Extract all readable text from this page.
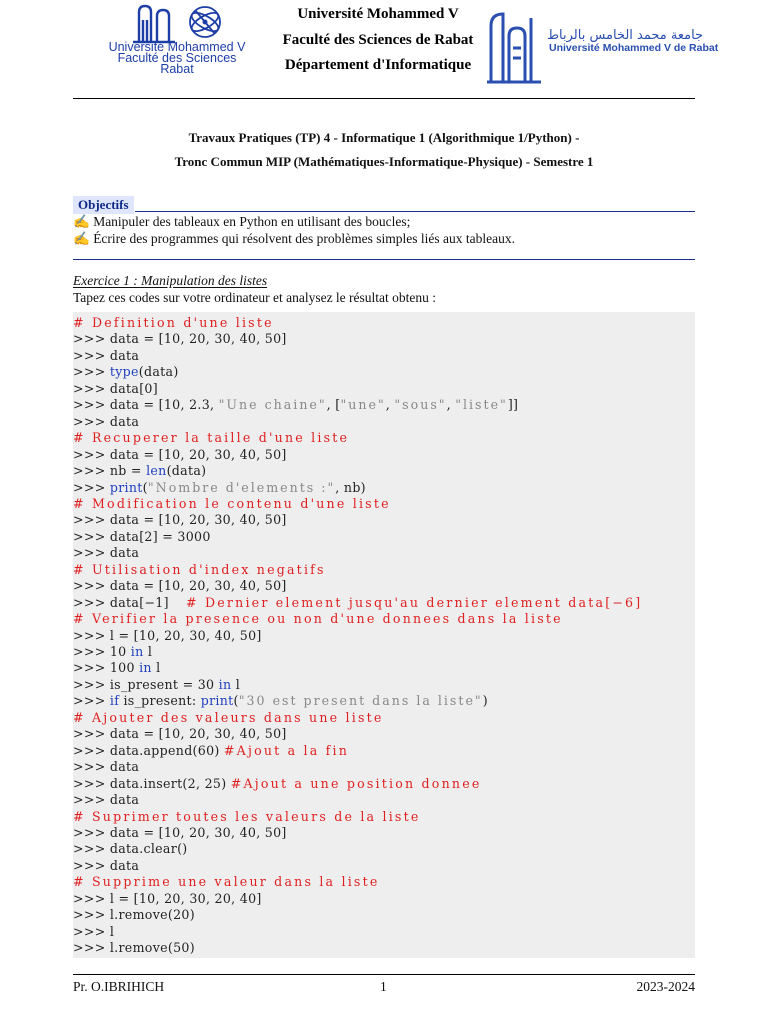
Université Mohammed V
Faculté des Sciences
Rabat
Université Mohammed V
Faculté des Sciences de Rabat
Département d'Informatique
جامعة محمد الخامس بالرباط
Université Mohammed V de Rabat
Travaux Pratiques (TP) 4 - Informatique 1 (Algorithmique 1/Python) -
Tronc Commun MIP (Mathématiques-Informatique-Physique) - Semestre 1
Objectifs
✍ Manipuler des tableaux en Python en utilisant des boucles;
✍ Écrire des programmes qui résolvent des problèmes simples liés aux tableaux.
Exercice 1 : Manipulation des listes
Tapez ces codes sur votre ordinateur et analysez le résultat obtenu :
# Definition d'une liste
>>> data = [10, 20, 30, 40, 50]
>>> data
>>> type(data)
>>> data[0]
>>> data = [10, 2.3, "Une chaine", ["une", "sous", "liste"]]
>>> data
# Recuperer la taille d'une liste
>>> data = [10, 20, 30, 40, 50]
>>> nb = len(data)
>>> print("Nombre d'elements :", nb)
# Modification le contenu d'une liste
>>> data = [10, 20, 30, 40, 50]
>>> data[2] = 3000
>>> data
# Utilisation d'index negatifs
>>> data = [10, 20, 30, 40, 50]
>>> data[−1]    # Dernier element jusqu'au dernier element data[−6]
# Verifier la presence ou non d'une donnees dans la liste
>>> l = [10, 20, 30, 40, 50]
>>> 10 in l
>>> 100 in l
>>> is_present = 30 in l
>>> if is_present: print("30 est present dans la liste")
# Ajouter des valeurs dans une liste
>>> data = [10, 20, 30, 40, 50]
>>> data.append(60) #Ajout a la fin
>>> data
>>> data.insert(2, 25) #Ajout a une position donnee
>>> data
# Suprimer toutes les valeurs de la liste
>>> data = [10, 20, 30, 40, 50]
>>> data.clear()
>>> data
# Supprime une valeur dans la liste
>>> l = [10, 20, 30, 20, 40]
>>> l.remove(20)
>>> l
>>> l.remove(50)
Pr. O.IBRIHICH	1	2023-2024
